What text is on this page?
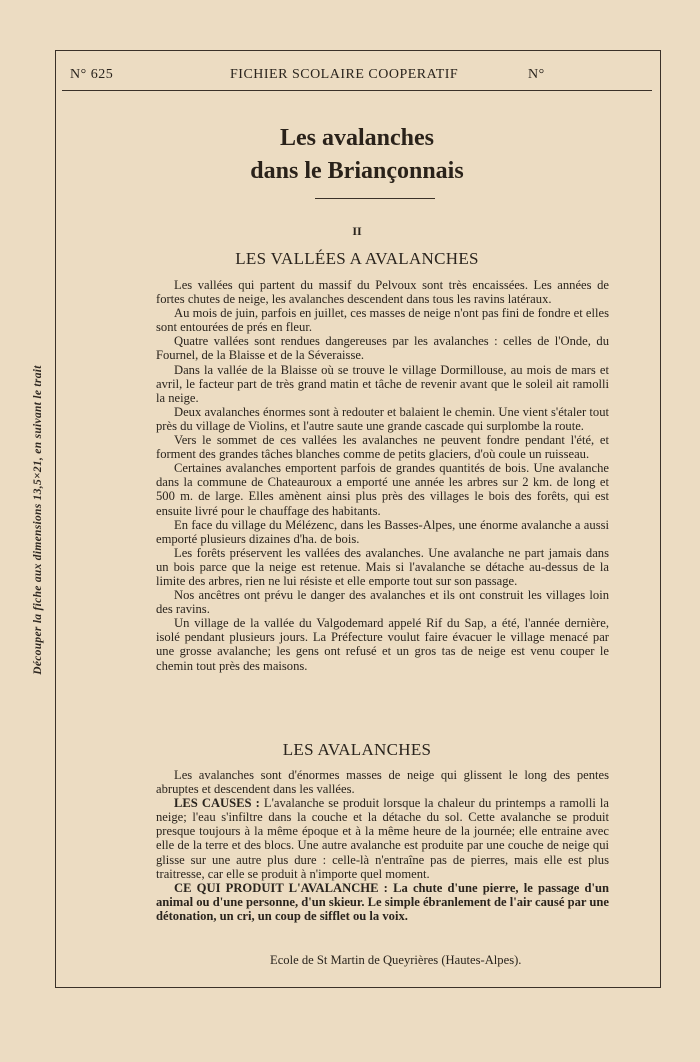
Découper la fiche aux dimensions 13,5×21, en suivant le trait
N° 625	FICHIER SCOLAIRE COOPERATIF	N°
Les avalanches
dans le Briançonnais
II
LES VALLÉES A AVALANCHES

Les vallées qui partent du massif du Pelvoux sont très encaissées. Les années de fortes chutes de neige, les avalanches descendent dans tous les ravins latéraux.

Au mois de juin, parfois en juillet, ces masses de neige n'ont pas fini de fondre et elles sont entourées de prés en fleur.

Quatre vallées sont rendues dangereuses par les avalanches : celles de l'Onde, du Fournel, de la Blaisse et de la Séveraisse.

Dans la vallée de la Blaisse où se trouve le village Dormillouse, au mois de mars et avril, le facteur part de très grand matin et tâche de revenir avant que le soleil ait ramolli la neige.

Deux avalanches énormes sont à redouter et balaient le chemin. Une vient s'étaler tout près du village de Violins, et l'autre saute une grande cascade qui surplombe la route.

Vers le sommet de ces vallées les avalanches ne peuvent fondre pendant l'été, et forment des grandes tâches blanches comme de petits glaciers, d'où coule un ruisseau.

Certaines avalanches emportent parfois de grandes quantités de bois. Une avalanche dans la commune de Chateauroux a emporté une année les arbres sur 2 km. de long et 500 m. de large. Elles amènent ainsi plus près des villages le bois des forêts, qui est ensuite livré pour le chauffage des habitants.

En face du village du Mélézenc, dans les Basses-Alpes, une énorme avalanche a aussi emporté plusieurs dizaines d'ha. de bois.

Les forêts préservent les vallées des avalanches. Une avalanche ne part jamais dans un bois parce que la neige est retenue. Mais si l'avalanche se détache au-dessus de la limite des arbres, rien ne lui résiste et elle emporte tout sur son passage.

Nos ancêtres ont prévu le danger des avalanches et ils ont construit les villages loin des ravins.

Un village de la vallée du Valgodemard appelé Rif du Sap, a été, l'année dernière, isolé pendant plusieurs jours. La Préfecture voulut faire évacuer le village menacé par une grosse avalanche; les gens ont refusé et un gros tas de neige est venu couper le chemin tout près des maisons.

LES AVALANCHES

Les avalanches sont d'énormes masses de neige qui glissent le long des pentes abruptes et descendent dans les vallées.

LES CAUSES : L'avalanche se produit lorsque la chaleur du printemps a ramolli la neige; l'eau s'infiltre dans la couche et la détache du sol. Cette avalanche se produit presque toujours à la même époque et à la même heure de la journée; elle entraine avec elle de la terre et des blocs. Une autre avalanche est produite par une couche de neige qui glisse sur une autre plus dure : celle-là n'entraîne pas de pierres, mais elle est plus traitresse, car elle se produit à n'importe quel moment.

CE QUI PRODUIT L'AVALANCHE : La chute d'une pierre, le passage d'un animal ou d'une personne, d'un skieur. Le simple ébranlement de l'air causé par une détonation, un cri, un coup de sifflet ou la voix.

Ecole de St Martin de Queyrières (Hautes-Alpes).
